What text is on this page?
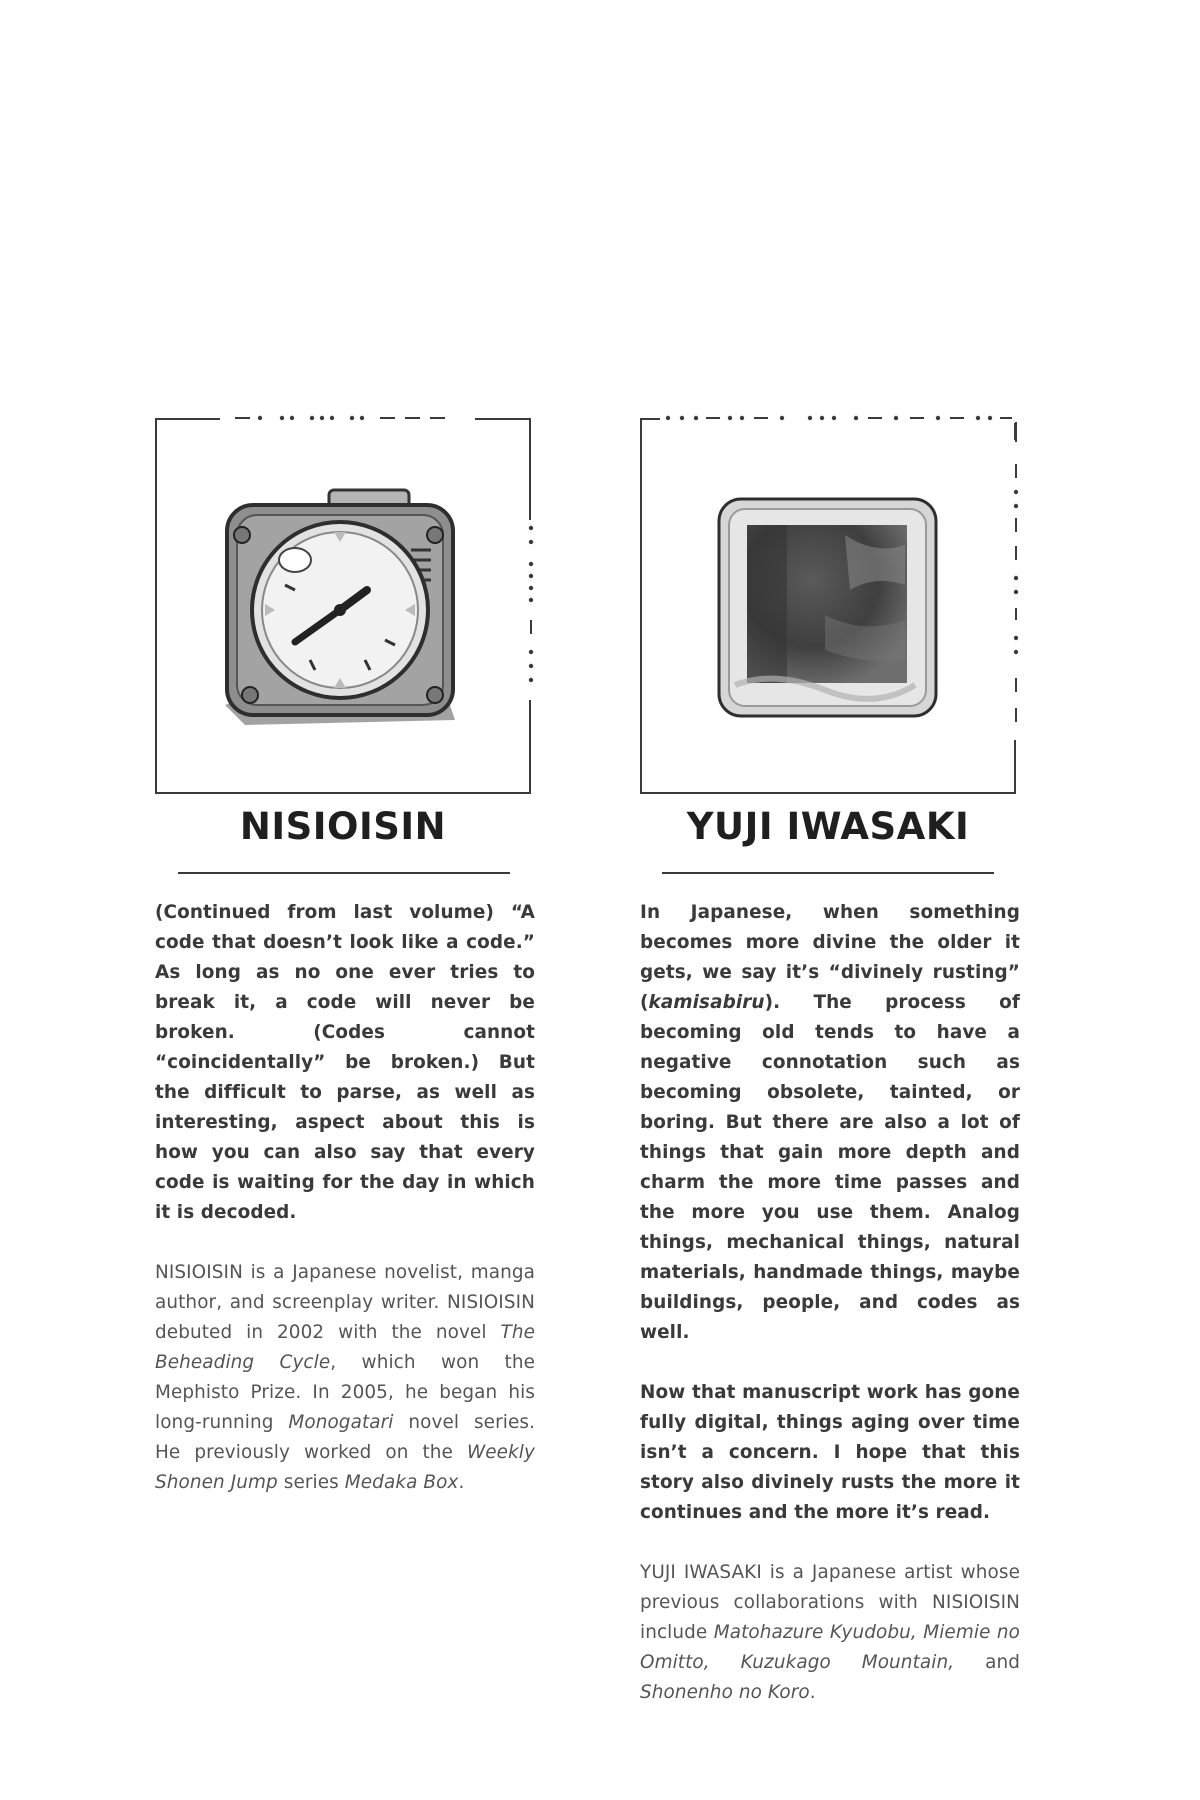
NISIOISIN

(Continued from last volume) “A code that doesn’t look like a code.” As long as no one ever tries to break it, a code will never be broken. (Codes cannot “coincidentally” be broken.) But the difficult to parse, as well as interesting, aspect about this is how you can also say that every code is waiting for the day in which it is decoded.

NISIOISIN is a Japanese novelist, manga author, and screenplay writer. NISIOISIN debuted in 2002 with the novel The Beheading Cycle, which won the Mephisto Prize. In 2005, he began his long-running Monogatari novel series. He previously worked on the Weekly Shonen Jump series Medaka Box.

YUJI IWASAKI

In Japanese, when something becomes more divine the older it gets, we say it’s “divinely rusting” (kamisabiru). The process of becoming old tends to have a negative connotation such as becoming obsolete, tainted, or boring. But there are also a lot of things that gain more depth and charm the more time passes and the more you use them. Analog things, mechanical things, natural materials, handmade things, maybe buildings, people, and codes as well.

Now that manuscript work has gone fully digital, things aging over time isn’t a concern. I hope that this story also divinely rusts the more it continues and the more it’s read.

YUJI IWASAKI is a Japanese artist whose previous collaborations with NISIOISIN include Matohazure Kyudobu, Miemie no Omitto, Kuzukago Mountain, and Shonenho no Koro.
